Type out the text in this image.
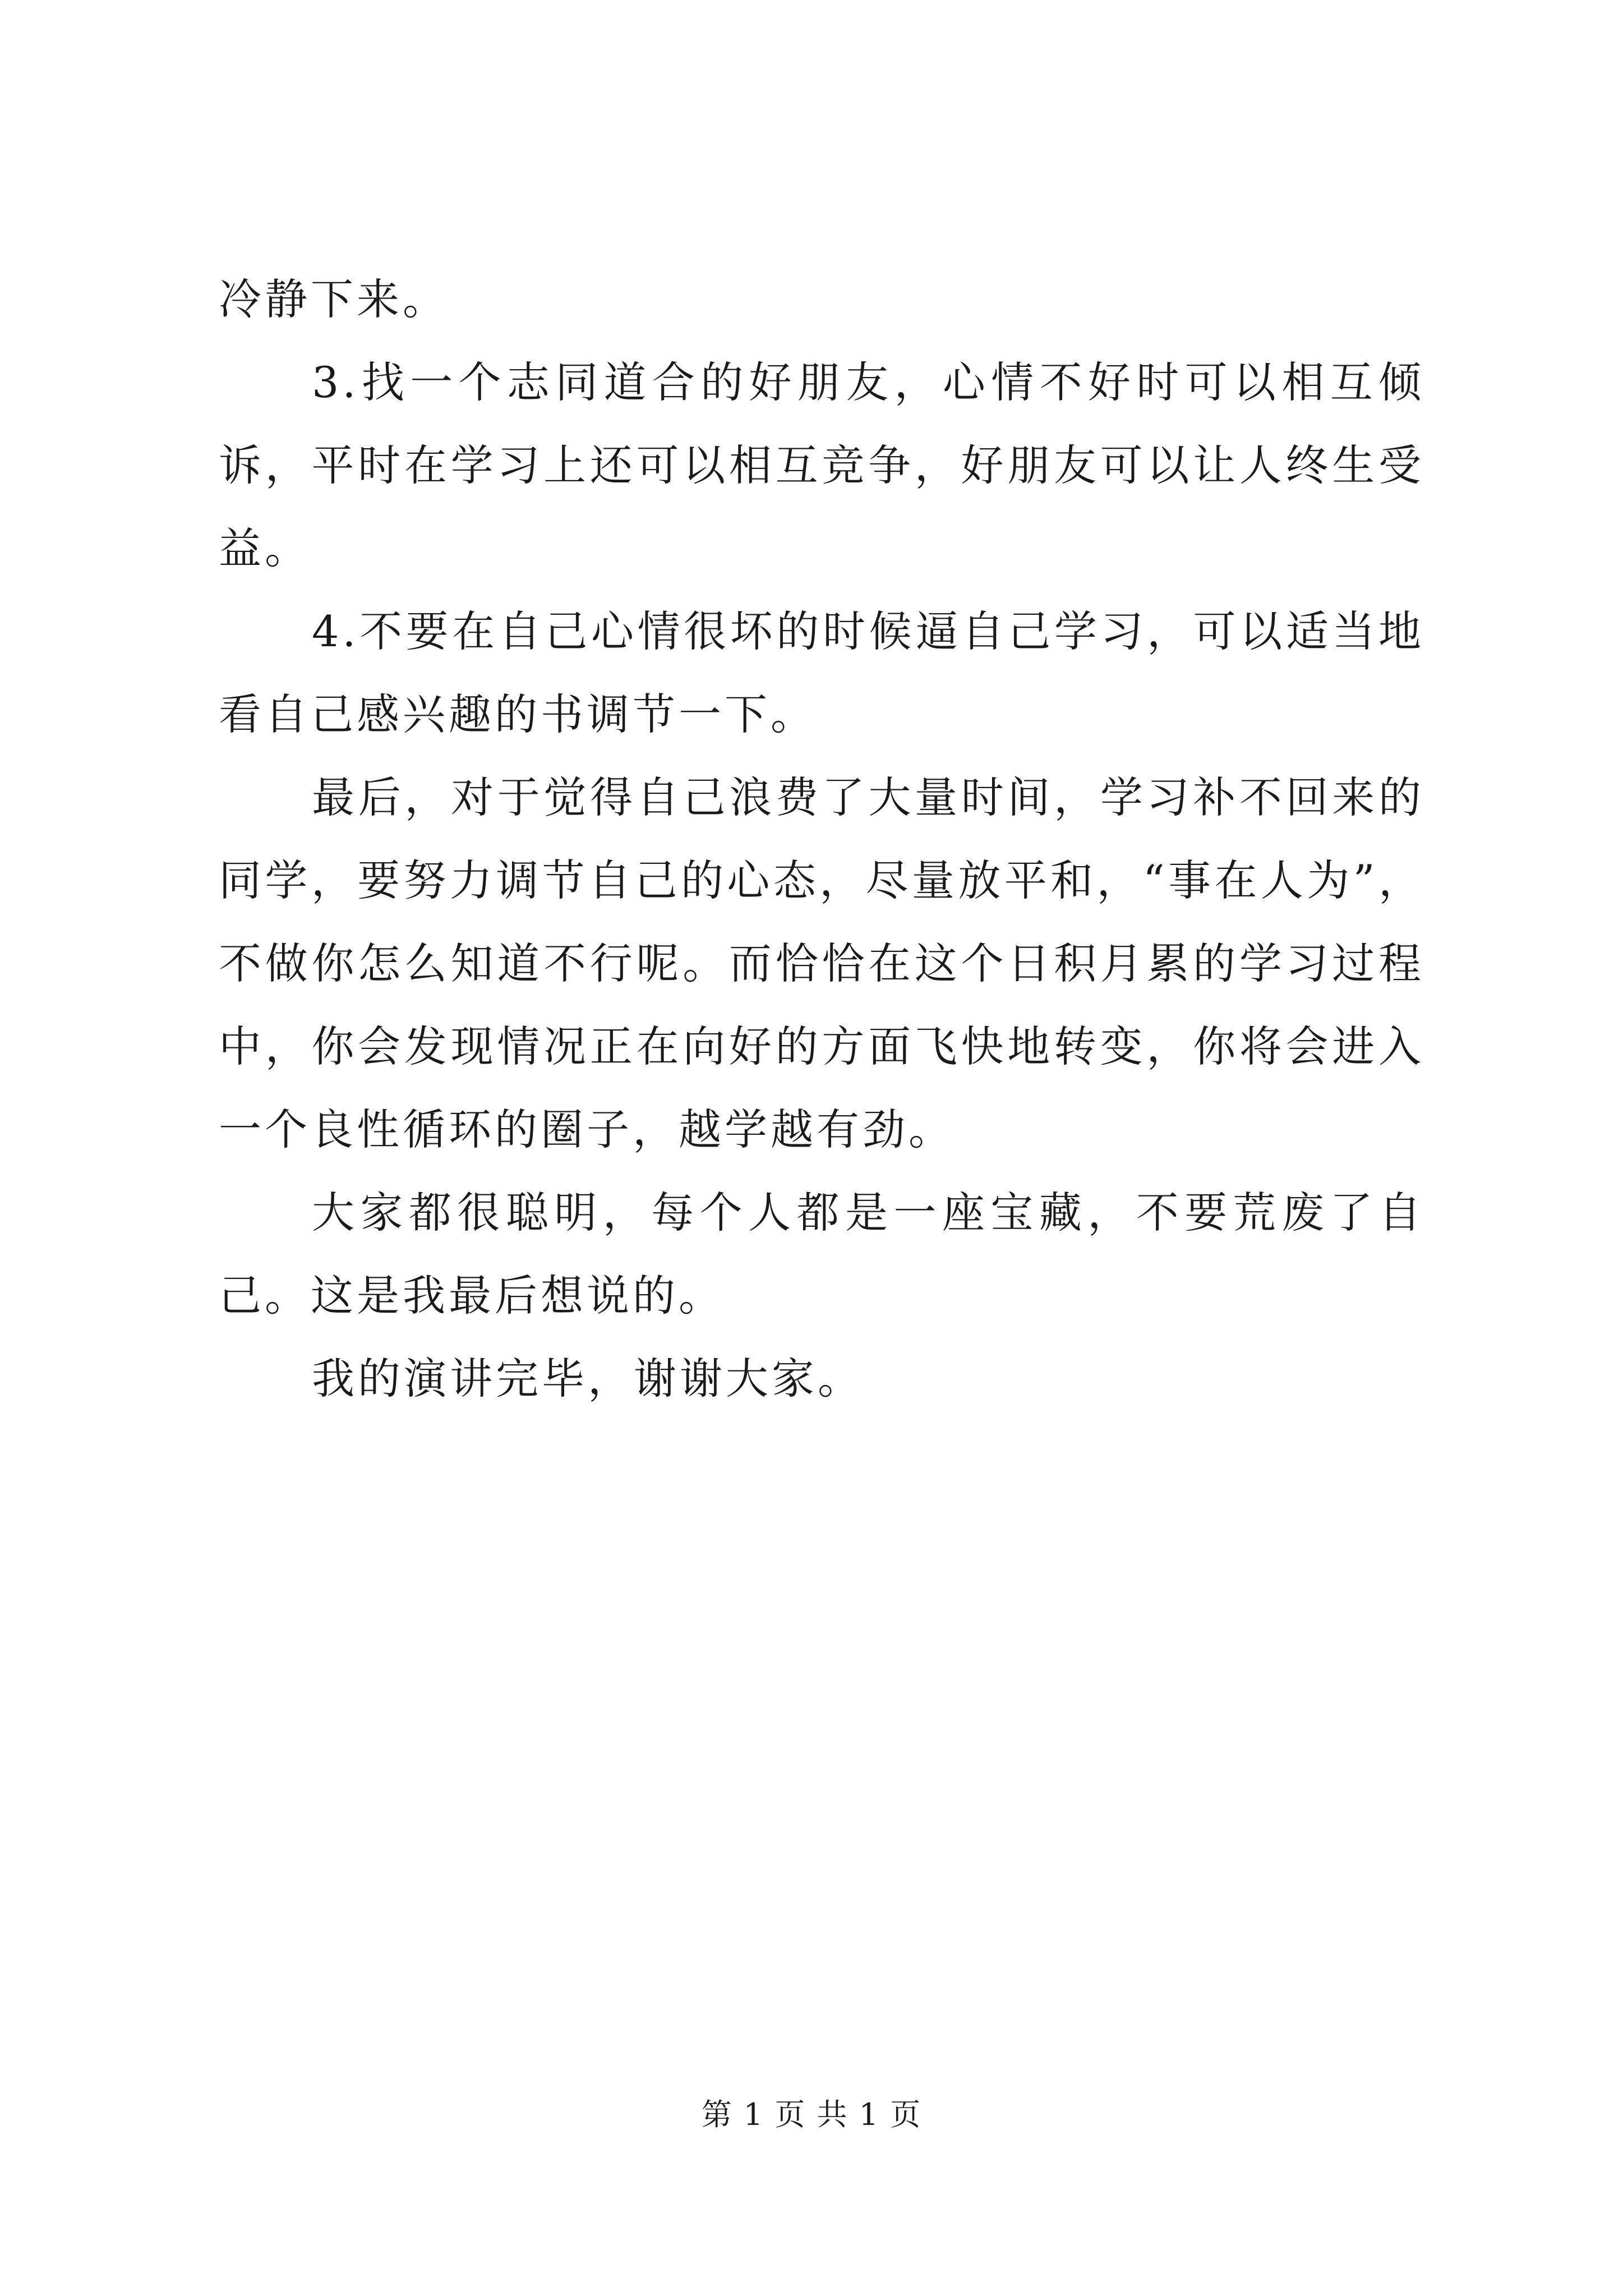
冷静下来。

3.找一个志同道合的好朋友，心情不好时可以相互倾诉，平时在学习上还可以相互竞争，好朋友可以让人终生受益。

4.不要在自己心情很坏的时候逼自己学习，可以适当地看自己感兴趣的书调节一下。

最后，对于觉得自己浪费了大量时间，学习补不回来的同学，要努力调节自己的心态，尽量放平和，“事在人为”，不做你怎么知道不行呢。而恰恰在这个日积月累的学习过程中，你会发现情况正在向好的方面飞快地转变，你将会进入一个良性循环的圈子，越学越有劲。

大家都很聪明，每个人都是一座宝藏，不要荒废了自己。这是我最后想说的。

我的演讲完毕，谢谢大家。

第 1 页 共 1 页
